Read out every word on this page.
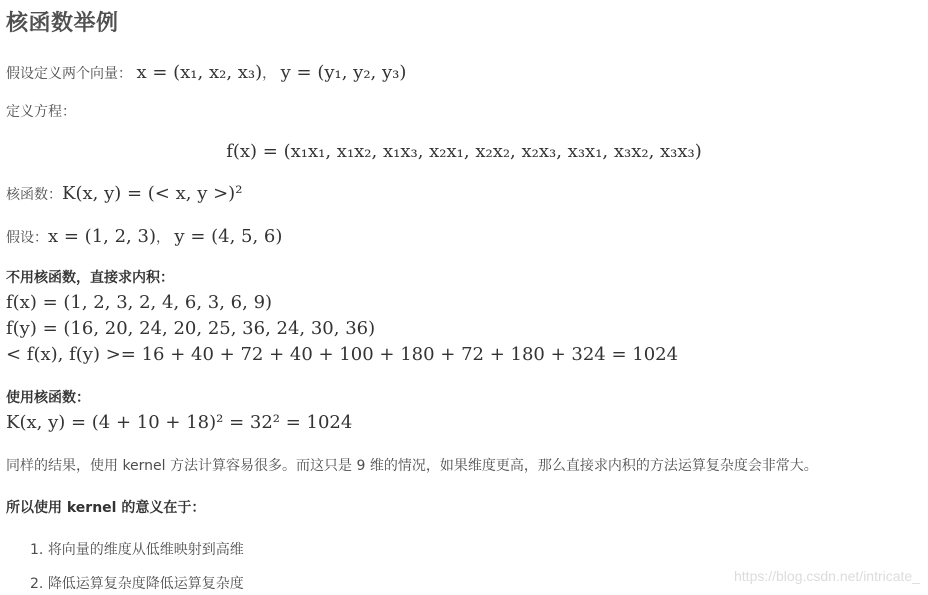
核函数举例
假设定义两个向量： x = (x₁, x₂, x₃)， y = (y₁, y₂, y₃)
定义方程：
f(x) = (x₁x₁, x₁x₂, x₁x₃, x₂x₁, x₂x₂, x₂x₃, x₃x₁, x₃x₂, x₃x₃)
核函数：K(x, y) = (< x, y >)²
假设：x = (1, 2, 3)， y = (4, 5, 6)
不用核函数，直接求内积：
f(x) = (1, 2, 3, 2, 4, 6, 3, 6, 9)
f(y) = (16, 20, 24, 20, 25, 36, 24, 30, 36)
< f(x), f(y) >= 16 + 40 + 72 + 40 + 100 + 180 + 72 + 180 + 324 = 1024
使用核函数：
K(x, y) = (4 + 10 + 18)² = 32² = 1024
同样的结果，使用 kernel 方法计算容易很多。而这只是 9 维的情况，如果维度更高，那么直接求内积的方法运算复杂度会非常大。
所以使用 kernel 的意义在于：
1. 将向量的维度从低维映射到高维
2. 降低运算复杂度降低运算复杂度	https://blog.csdn.net/intricate_
